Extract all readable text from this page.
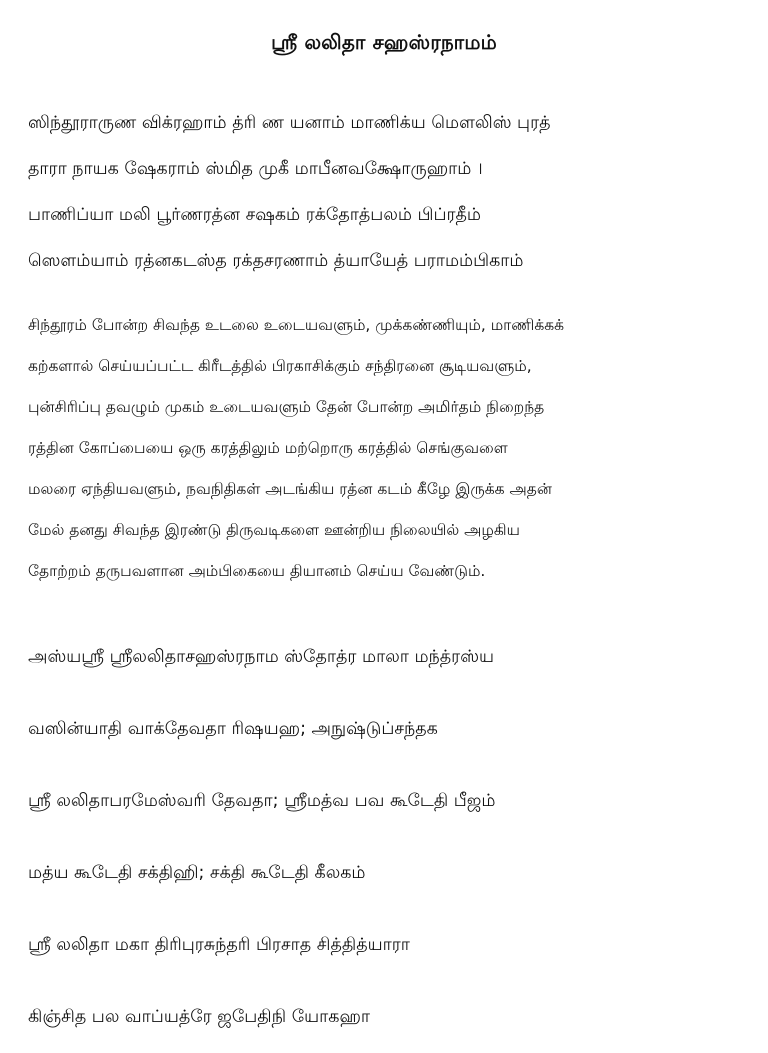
ஶ்ரீ லலிதா சஹஸ்ரநாமம்
ஸிந்தூராருண விக்ரஹாம் த்ரி ண யனாம் மாணிக்ய மௌலிஸ் புரத்
தாரா நாயக ஷேகராம் ஸ்மித முகீ மாபீனவக்ஷோருஹாம் ।
பாணிப்யா மலி பூர்ணரத்ன சஷகம் ரக்தோத்பலம் பிப்ரதீம்
ஸௌம்யாம் ரத்னகடஸ்த ரக்தசரணாம் த்யாயேத் பராமம்பிகாம்
சிந்தூரம் போன்ற சிவந்த உடலை உடையவளும், முக்கண்ணியும், மாணிக்கக்
கற்களால் செய்யப்பட்ட கிரீடத்தில் பிரகாசிக்கும் சந்திரனை சூடியவளும்,
புன்சிரிப்பு தவழும் முகம் உடையவளும் தேன் போன்ற அமிர்தம் நிறைந்த
ரத்தின கோப்பையை ஒரு கரத்திலும் மற்றொரு கரத்தில் செங்குவளை
மலரை ஏந்தியவளும், நவநிதிகள் அடங்கிய ரத்ன கடம் கீழே இருக்க அதன்
மேல் தனது சிவந்த இரண்டு திருவடிகளை ஊன்றிய நிலையில் அழகிய
தோற்றம் தருபவளான அம்பிகையை தியானம் செய்ய வேண்டும்.
அஸ்யஶ்ரீ ஶ்ரீலலிதாசஹஸ்ரநாம ஸ்தோத்ர மாலா மந்த்ரஸ்ய
வஸின்யாதி வாக்தேவதா ரிஷயஹ; அநுஷ்டுப்சந்தக
ஶ்ரீ லலிதாபரமேஸ்வரி தேவதா; ஶ்ரீமத்வ பவ கூடேதி பீஜம்
மத்ய கூடேதி சக்திஹி; சக்தி கூடேதி கீலகம்
ஶ்ரீ லலிதா மகா திரிபுரசுந்தரி பிரசாத சித்தித்யாரா
கிஞ்சித பல வாப்யத்ரே ஜபேதிநி யோகஹா
